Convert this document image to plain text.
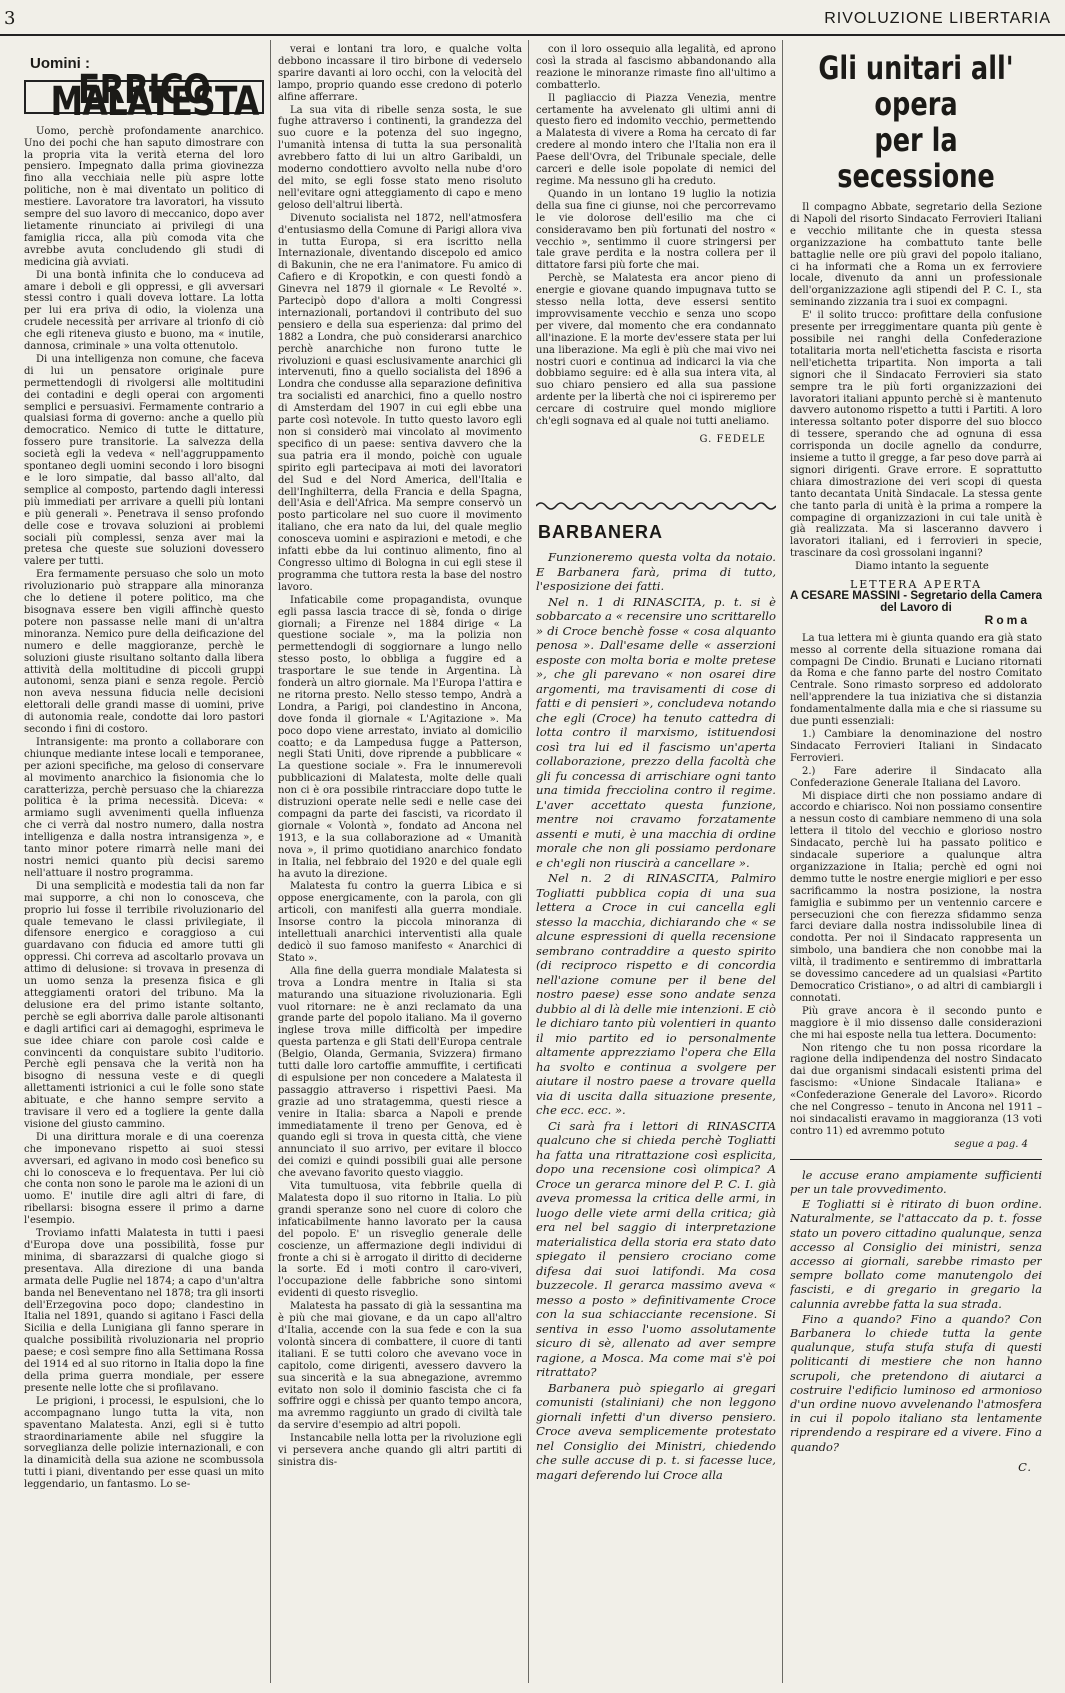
3	RIVOLUZIONE LIBERTARIA
Uomini :
ERRICO MALATESTA

Uomo, perchè profondamente anarchico. Uno dei pochi che han saputo dimostrare con la propria vita la verità eterna del loro pensiero. Impegnato dalla prima giovinezza fino alla vecchiaia nelle più aspre lotte politiche, non è mai diventato un politico di mestiere. Lavoratore tra lavoratori, ha vissuto sempre del suo lavoro di meccanico, dopo aver lietamente rinunciato ai privilegi di una famiglia ricca, alla più comoda vita che avrebbe avuta concludendo gli studi di medicina già avviati.

Di una bontà infinita che lo conduceva ad amare i deboli e gli oppressi, e gli avversari stessi contro i quali doveva lottare. La lotta per lui era priva di odio, la violenza una crudele necessità per arrivare al trionfo di ciò che egli riteneva giusto e buono, ma « inutile, dannosa, criminale » una volta ottenutolo.

Di una intelligenza non comune, che faceva di lui un pensatore originale pure permettendogli di rivolgersi alle moltitudini dei contadini e degli operai con argomenti semplici e persuasivi. Fermamente contrario a qualsiasi forma di governo: anche a quello più democratico. Nemico di tutte le dittature, fossero pure transitorie. La salvezza della società egli la vedeva « nell'aggruppamento spontaneo degli uomini secondo i loro bisogni e le loro simpatie, dal basso all'alto, dal semplice al composto, partendo dagli interessi più immediati per arrivare a quelli più lontani e più generali ». Penetrava il senso profondo delle cose e trovava soluzioni ai problemi sociali più complessi, senza aver mai la pretesa che queste sue soluzioni dovessero valere per tutti.

Era fermamente persuaso che solo un moto rivoluzionario può strappare alla minoranza che lo detiene il potere politico, ma che bisognava essere ben vigili affinchè questo potere non passasse nelle mani di un'altra minoranza. Nemico pure della deificazione del numero e delle maggioranze, perchè le soluzioni giuste risultano soltanto dalla libera attività della moltitudine di piccoli gruppi autonomi, senza piani e senza regole. Perciò non aveva nessuna fiducia nelle decisioni elettorali delle grandi masse di uomini, prive di autonomia reale, condotte dai loro pastori secondo i fini di costoro.

Intransigente: ma pronto a collaborare con chiunque mediante intese locali e temporanee, per azioni specifiche, ma geloso di conservare al movimento anarchico la fisionomia che lo caratterizza, perchè persuaso che la chiarezza politica è la prima necessità. Diceva: « armiamo sugli avvenimenti quella influenza che ci verrà dal nostro numero, dalla nostra intelligenza e dalla nostra intransigenza », e tanto minor potere rimarrà nelle mani dei nostri nemici quanto più decisi saremo nell'attuare il nostro programma.

Di una semplicità e modestia tali da non far mai supporre, a chi non lo conosceva, che proprio lui fosse il terribile rivoluzionario del quale temevano le classi privilegiate, il difensore energico e coraggioso a cui guardavano con fiducia ed amore tutti gli oppressi. Chi correva ad ascoltarlo provava un attimo di delusione: si trovava in presenza di un uomo senza la presenza fisica e gli atteggiamenti oratori del tribuno. Ma la delusione era del primo istante soltanto, perchè se egli aborriva dalle parole altisonanti e dagli artifici cari ai demagoghi, esprimeva le sue idee chiare con parole così calde e convincenti da conquistare subito l'uditorio. Perchè egli pensava che la verità non ha bisogno di nessuna veste e di quegli allettamenti istrionici a cui le folle sono state abituate, e che hanno sempre servito a travisare il vero ed a togliere la gente dalla visione del giusto cammino.

Di una dirittura morale e di una coerenza che imponevano rispetto ai suoi stessi avversari, ed agivano in modo così benefico su chi lo conosceva e lo frequentava. Per lui ciò che conta non sono le parole ma le azioni di un uomo. E' inutile dire agli altri di fare, di ribellarsi: bisogna essere il primo a darne l'esempio.

Troviamo infatti Malatesta in tutti i paesi d'Europa dove una possibilità, fosse pur minima, di sbarazzarsi di qualche giogo si presentava. Alla direzione di una banda armata delle Puglie nel 1874; a capo d'un'altra banda nel Beneventano nel 1878; tra gli insorti dell'Erzegovina poco dopo; clandestino in Italia nel 1891, quando si agitano i Fasci della Sicilia e della Lunigiana gli fanno sperare in qualche possibilità rivoluzionaria nel proprio paese; e così sempre fino alla Settimana Rossa del 1914 ed al suo ritorno in Italia dopo la fine della prima guerra mondiale, per essere presente nelle lotte che si profilavano.

Le prigioni, i processi, le espulsioni, che lo accompagnano lungo tutta la vita, non spaventano Malatesta. Anzi, egli si è tutto straordinariamente abile nel sfuggire la sorveglianza delle polizie internazionali, e con la dinamicità della sua azione ne scombussola tutti i piani, diventando per esse quasi un mito leggendario, un fantasmo. Lo se-

verai e lontani tra loro, e qualche volta debbono incassare il tiro birbone di vederselo sparire davanti ai loro occhi, con la velocità del lampo, proprio quando esse credono di poterlo alfine afferrare.

La sua vita di ribelle senza sosta, le sue fughe attraverso i continenti, la grandezza del suo cuore e la potenza del suo ingegno, l'umanità intensa di tutta la sua personalità avrebbero fatto di lui un altro Garibaldi, un moderno condottiero avvolto nella nube d'oro del mito, se egli fosse stato meno risoluto nell'evitare ogni atteggiamento di capo e meno geloso dell'altrui libertà.

Divenuto socialista nel 1872, nell'atmosfera d'entusiasmo della Comune di Parigi allora viva in tutta Europa, si era iscritto nella Internazionale, diventando discepolo ed amico di Bakunin, che ne era l'animatore. Fu amico di Cafiero e di Kropotkin, e con questi fondò a Ginevra nel 1879 il giornale « Le Revolté ». Partecipò dopo d'allora a molti Congressi internazionali, portandovi il contributo del suo pensiero e della sua esperienza: dal primo del 1882 a Londra, che può considerarsi anarchico perchè anarchiche non furono tutte le rivoluzioni e quasi esclusivamente anarchici gli intervenuti, fino a quello socialista del 1896 a Londra che condusse alla separazione definitiva tra socialisti ed anarchici, fino a quello nostro di Amsterdam del 1907 in cui egli ebbe una parte così notevole. In tutto questo lavoro egli non si considerò mai vincolato al movimento specifico di un paese: sentiva davvero che la sua patria era il mondo, poichè con uguale spirito egli partecipava ai moti dei lavoratori del Sud e del Nord America, dell'Italia e dell'Inghilterra, della Francia e della Spagna, dell'Asia e dell'Africa. Ma sempre conservò un posto particolare nel suo cuore il movimento italiano, che era nato da lui, del quale meglio conosceva uomini e aspirazioni e metodi, e che infatti ebbe da lui continuo alimento, fino al Congresso ultimo di Bologna in cui egli stese il programma che tuttora resta la base del nostro lavoro.

Infaticabile come propagandista, ovunque egli passa lascia tracce di sè, fonda o dirige giornali; a Firenze nel 1884 dirige « La questione sociale », ma la polizia non permettendogli di soggiornare a lungo nello stesso posto, lo obbliga a fuggire ed a trasportare le sue tende in Argentina. Là fonderà un altro giornale. Ma l'Europa l'attira e ne ritorna presto. Nello stesso tempo, Andrà a Londra, a Parigi, poi clandestino in Ancona, dove fonda il giornale « L'Agitazione ». Ma poco dopo viene arrestato, inviato al domicilio coatto; e da Lampedusa fugge a Patterson, negli Stati Uniti, dove riprende a pubblicare « La questione sociale ». Fra le innumerevoli pubblicazioni di Malatesta, molte delle quali non ci è ora possibile rintracciare dopo tutte le distruzioni operate nelle sedi e nelle case dei compagni da parte dei fascisti, va ricordato il giornale « Volontà », fondato ad Ancona nel 1913, e la sua collaborazione ad « Umanità nova », il primo quotidiano anarchico fondato in Italia, nel febbraio del 1920 e del quale egli ha avuto la direzione.

Malatesta fu contro la guerra Libica e si oppose energicamente, con la parola, con gli articoli, con manifesti alla guerra mondiale. Insorse contro la piccola minoranza di intellettuali anarchici interventisti alla quale dedicò il suo famoso manifesto « Anarchici di Stato ».

Alla fine della guerra mondiale Malatesta si trova a Londra mentre in Italia si sta maturando una situazione rivoluzionaria. Egli vuol ritornare: ne è anzi reclamato da una grande parte del popolo italiano. Ma il governo inglese trova mille difficoltà per impedire questa partenza e gli Stati dell'Europa centrale (Belgio, Olanda, Germania, Svizzera) firmano tutti dalle loro cartoffie ammuffite, i certificati di espulsione per non concedere a Malatesta il passaggio attraverso i rispettivi Paesi. Ma grazie ad uno stratagemma, questi riesce a venire in Italia: sbarca a Napoli e prende immediatamente il treno per Genova, ed è quando egli si trova in questa città, che viene annunciato il suo arrivo, per evitare il blocco dei comizi e quindi possibili guai alle persone che avevano favorito questo viaggio.

Vita tumultuosa, vita febbrile quella di Malatesta dopo il suo ritorno in Italia. Lo più grandi speranze sono nel cuore di coloro che infaticabilmente hanno lavorato per la causa del popolo. E' un risveglio generale delle coscienze, un affermazione degli individui di fronte a chi si è arrogato il diritto di deciderne la sorte. Ed i moti contro il caro-viveri, l'occupazione delle fabbriche sono sintomi evidenti di questo risveglio.

Malatesta ha passato di già la sessantina ma è più che mai giovane, e da un capo all'altro d'Italia, accende con la sua fede e con la sua volontà sincera di combattere, il cuore di tanti italiani. E se tutti coloro che avevano voce in capitolo, come dirigenti, avessero davvero la sua sincerità e la sua abnegazione, avremmo evitato non solo il dominio fascista che ci fa soffrire oggi e chissà per quanto tempo ancora, ma avremmo raggiunto un grado di civiltà tale da servire d'esempio ad altri popoli.

Instancabile nella lotta per la rivoluzione egli vi persevera anche quando gli altri partiti di sinistra dis-

con il loro ossequio alla legalità, ed aprono così la strada al fascismo abbandonando alla reazione le minoranze rimaste fino all'ultimo a combatterlo.

Il pagliaccio di Piazza Venezia, mentre certamente ha avvelenato gli ultimi anni di questo fiero ed indomito vecchio, permettendo a Malatesta di vivere a Roma ha cercato di far credere al mondo intero che l'Italia non era il Paese dell'Ovra, del Tribunale speciale, delle carceri e delle isole popolate di nemici del regime. Ma nessuno gli ha creduto.

Quando in un lontano 19 luglio la notizia della sua fine ci giunse, noi che percorrevamo le vie dolorose dell'esilio ma che ci consideravamo ben più fortunati del nostro « vecchio », sentimmo il cuore stringersi per tale grave perdita e la nostra collera per il dittatore farsi più forte che mai.

Perchè, se Malatesta era ancor pieno di energie e giovane quando impugnava tutto se stesso nella lotta, deve essersi sentito improvvisamente vecchio e senza uno scopo per vivere, dal momento che era condannato all'inazione. E la morte dev'essere stata per lui una liberazione. Ma egli è più che mai vivo nei nostri cuori e continua ad indicarci la via che dobbiamo seguire: ed è alla sua intera vita, al suo chiaro pensiero ed alla sua passione ardente per la libertà che noi ci ispireremo per cercare di costruire quel mondo migliore ch'egli sognava ed al quale noi tutti aneliamo.

G. FEDELE
BARBANERA

Funzioneremo questa volta da notaio. E Barbanera farà, prima di tutto, l'esposizione dei fatti.

Nel n. 1 di RINASCITA, p. t. si è sobbarcato a « recensire uno scrittarello » di Croce benchè fosse « cosa alquanto penosa ». Dall'esame delle « asserzioni esposte con molta boria e molte pretese », che gli parevano « non osarei dire argomenti, ma travisamenti di cose di fatti e di pensieri », concludeva notando che egli (Croce) ha tenuto cattedra di lotta contro il marxismo, istituendosi così tra lui ed il fascismo un'aperta collaborazione, prezzo della facoltà che gli fu concessa di arrischiare ogni tanto una timida frecciolina contro il regime. L'aver accettato questa funzione, mentre noi cravamo forzatamente assenti e muti, è una macchia di ordine morale che non gli possiamo perdonare e ch'egli non riuscirà a cancellare ».

Nel n. 2 di RINASCITA, Palmiro Togliatti pubblica copia di una sua lettera a Croce in cui cancella egli stesso la macchia, dichiarando che « se alcune espressioni di quella recensione sembrano contraddire a questo spirito (di reciproco rispetto e di concordia nell'azione comune per il bene del nostro paese) esse sono andate senza dubbio al di là delle mie intenzioni. E ciò le dichiaro tanto più volentieri in quanto il mio partito ed io personalmente altamente apprezziamo l'opera che Ella ha svolto e continua a svolgere per aiutare il nostro paese a trovare quella via di uscita dalla situazione presente, che ecc. ecc. ».

Ci sarà fra i lettori di RINASCITA qualcuno che si chieda perchè Togliatti ha fatta una ritrattazione così esplicita, dopo una recensione così olimpica? A Croce un gerarca minore del P. C. I. già aveva promessa la critica delle armi, in luogo delle viete armi della critica; già era nel bel saggio di interpretazione materialistica della storia era stato dato spiegato il pensiero crociano come difesa dai suoi latifondi. Ma cosa buzzecole. Il gerarca massimo aveva « messo a posto » definitivamente Croce con la sua schiacciante recensione. Si sentiva in esso l'uomo assolutamente sicuro di sè, allenato ad aver sempre ragione, a Mosca. Ma come mai s'è poi ritrattato?

Barbanera può spiegarlo ai gregari comunisti (staliniani) che non leggono giornali infetti d'un diverso pensiero. Croce aveva semplicemente protestato nel Consiglio dei Ministri, chiedendo che sulle accuse di p. t. si facesse luce, magari deferendo lui Croce alla

Gli unitari all' opera
per la secessione

Il compagno Abbate, segretario della Sezione di Napoli del risorto Sindacato Ferrovieri Italiani e vecchio militante che in questa stessa organizzazione ha combattuto tante belle battaglie nelle ore più gravi del popolo italiano, ci ha informati che a Roma un ex ferroviere locale, divenuto da anni un professionale dell'organizzazione agli stipendi del P. C. I., sta seminando zizzania tra i suoi ex compagni.

E' il solito trucco: profittare della confusione presente per irreggimentare quanta più gente è possibile nei ranghi della Confederazione totalitaria morta nell'etichetta fascista e risorta nell'etichetta tripartita. Non importa a tali signori che il Sindacato Ferrovieri sia stato sempre tra le più forti organizzazioni dei lavoratori italiani appunto perchè si è mantenuto davvero autonomo rispetto a tutti i Partiti. A loro interessa soltanto poter disporre del suo blocco di tessere, sperando che ad ognuna di essa corrisponda un docile agnello da condurre, insieme a tutto il gregge, a far peso dove parrà ai signori dirigenti. Grave errore. E soprattutto chiara dimostrazione dei veri scopi di questa tanto decantata Unità Sindacale. La stessa gente che tanto parla di unità è la prima a rompere la compagine di organizzazioni in cui tale unità è già realizzata. Ma si lasceranno davvero i lavoratori italiani, ed i ferrovieri in specie, trascinare da così grossolani inganni?

Diamo intanto la seguente

LETTERA APERTA
A CESARE MASSINI - Segretario della Camera del Lavoro di
Roma

La tua lettera mi è giunta quando era già stato messo al corrente della situazione romana dai compagni De Cindio. Brunati e Luciano ritornati da Roma e che fanno parte del nostro Comitato Centrale. Sono rimasto sorpreso ed addolorato nell'apprendere la tua iniziativa che si distanzia fondamentalmente dalla mia e che si riassume su due punti essenziali:

1.) Cambiare la denominazione del nostro Sindacato Ferrovieri Italiani in Sindacato Ferrovieri.

2.) Fare aderire il Sindacato alla Confederazione Generale Italiana del Lavoro.

Mi dispiace dirti che non possiamo andare di accordo e chiarisco. Noi non possiamo consentire a nessun costo di cambiare nemmeno di una sola lettera il titolo del vecchio e glorioso nostro Sindacato, perchè lui ha passato politico e sindacale superiore a qualunque altra organizzazione in Italia; perchè ed ogni noi demmo tutte le nostre energie migliori e per esso sacrificammo la nostra posizione, la nostra famiglia e subimmo per un ventennio carcere e persecuzioni che con fierezza sfidammo senza farci deviare dalla nostra indissolubile linea di condotta. Per noi il Sindacato rappresenta un simbolo, una bandiera che non conobbe mai la viltà, il tradimento e sentiremmo di imbrattarla se dovessimo cancedere ad un qualsiasi «Partito Democratico Cristiano», o ad altri di cambiargli i connotati.

Più grave ancora è il secondo punto e maggiore è il mio dissenso dalle considerazioni che mi hai esposte nella tua lettera. Documento:

Non ritengo che tu non possa ricordare la ragione della indipendenza del nostro Sindacato dai due organismi sindacali esistenti prima del fascismo: «Unione Sindacale Italiana» e «Confederazione Generale del Lavoro». Ricordo che nel Congresso – tenuto in Ancona nel 1911 – noi sindacalisti eravamo in maggioranza (13 voti contro 11) ed avremmo potuto

segue a pag. 4

le accuse erano ampiamente sufficienti per un tale provvedimento.

E Togliatti si è ritirato di buon ordine. Naturalmente, se l'attaccato da p. t. fosse stato un povero cittadino qualunque, senza accesso al Consiglio dei ministri, senza accesso ai giornali, sarebbe rimasto per sempre bollato come manutengolo dei fascisti, e di gregario in gregario la calunnia avrebbe fatta la sua strada.

Fino a quando? Fino a quando? Con Barbanera lo chiede tutta la gente qualunque, stufa stufa stufa di questi politicanti di mestiere che non hanno scrupoli, che pretendono di aiutarci a costruire l'edificio luminoso ed armonioso d'un ordine nuovo avvelenando l'atmosfera in cui il popolo italiano sta lentamente riprendendo a respirare ed a vivere. Fino a quando?

C.
